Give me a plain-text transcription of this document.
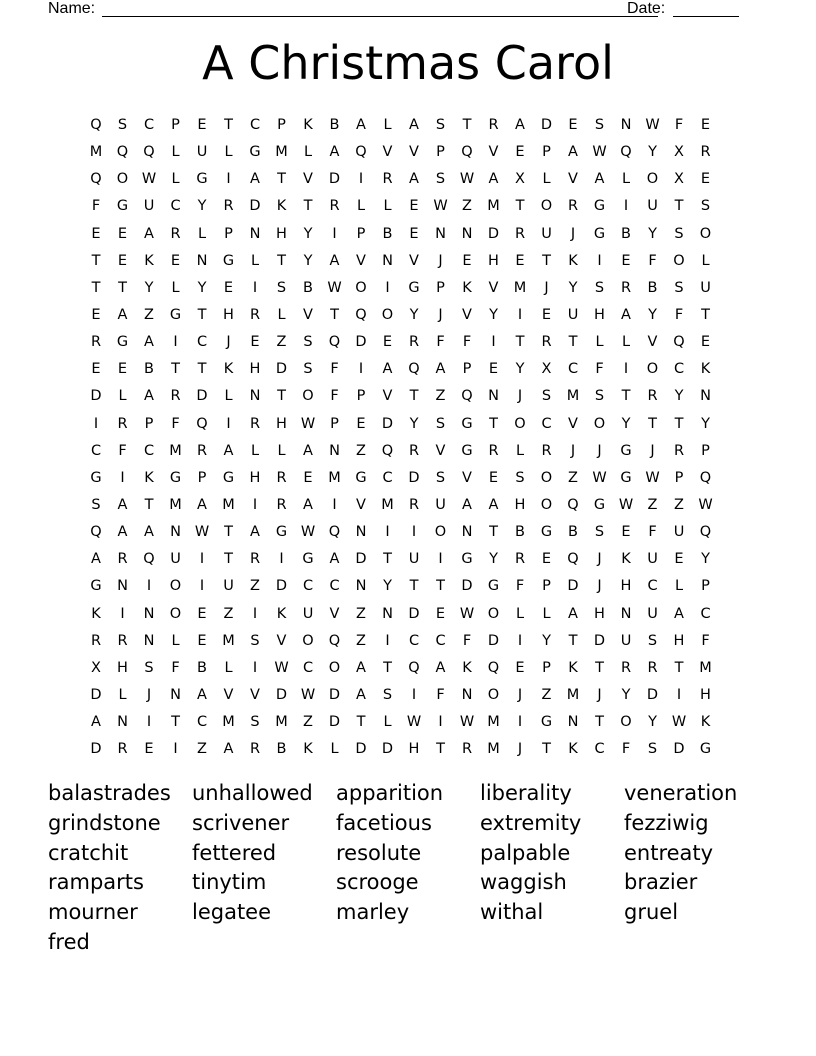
Name:	Date:
A Christmas Carol
Q S C P E T C P K B A L A S T R A D E S N W F E
M Q Q L U L G M L A Q V V P Q V E P A W Q Y X R
Q O W L G I A T V D I R A S W A X L V A L O X E
F G U C Y R D K T R L L E W Z M T O R G I U T S
E E A R L P N H Y I P B E N N D R U J G B Y S O
T E K E N G L T Y A V N V J E H E T K I E F O L
T T Y L Y E I S B W O I G P K V M J Y S R B S U
E A Z G T H R L V T Q O Y J V Y I E U H A Y F T
R G A I C J E Z S Q D E R F F I T R T L L V Q E
E E B T T K H D S F I A Q A P E Y X C F I O C K
D L A R D L N T O F P V T Z Q N J S M S T R Y N
I R P F Q I R H W P E D Y S G T O C V O Y T T Y
C F C M R A L L A N Z Q R V G R L R J J G J R P
G I K G P G H R E M G C D S V E S O Z W G W P Q
S A T M A M I R A I V M R U A A H O Q G W Z Z W
Q A A N W T A G W Q N I I O N T B G B S E F U Q
A R Q U I T R I G A D T U I G Y R E Q J K U E Y
G N I O I U Z D C C N Y T T D G F P D J H C L P
K I N O E Z I K U V Z N D E W O L L A H N U A C
R R N L E M S V O Q Z I C C F D I Y T D U S H F
X H S F B L I W C O A T Q A K Q E P K T R R T M
D L J N A V V D W D A S I F N O J Z M J Y D I H
A N I T C M S M Z D T L W I W M I G N T O Y W K
D R E I Z A R B K L D D H T R M J T K C F S D G
balastrades unhallowed apparition liberality veneration
grindstone scrivener facetious extremity fezziwig
cratchit	fettered	resolute	palpable	entreaty
ramparts tinytim	scrooge	waggish	brazier
mourner	legatee	marley	withal	gruel
fred
